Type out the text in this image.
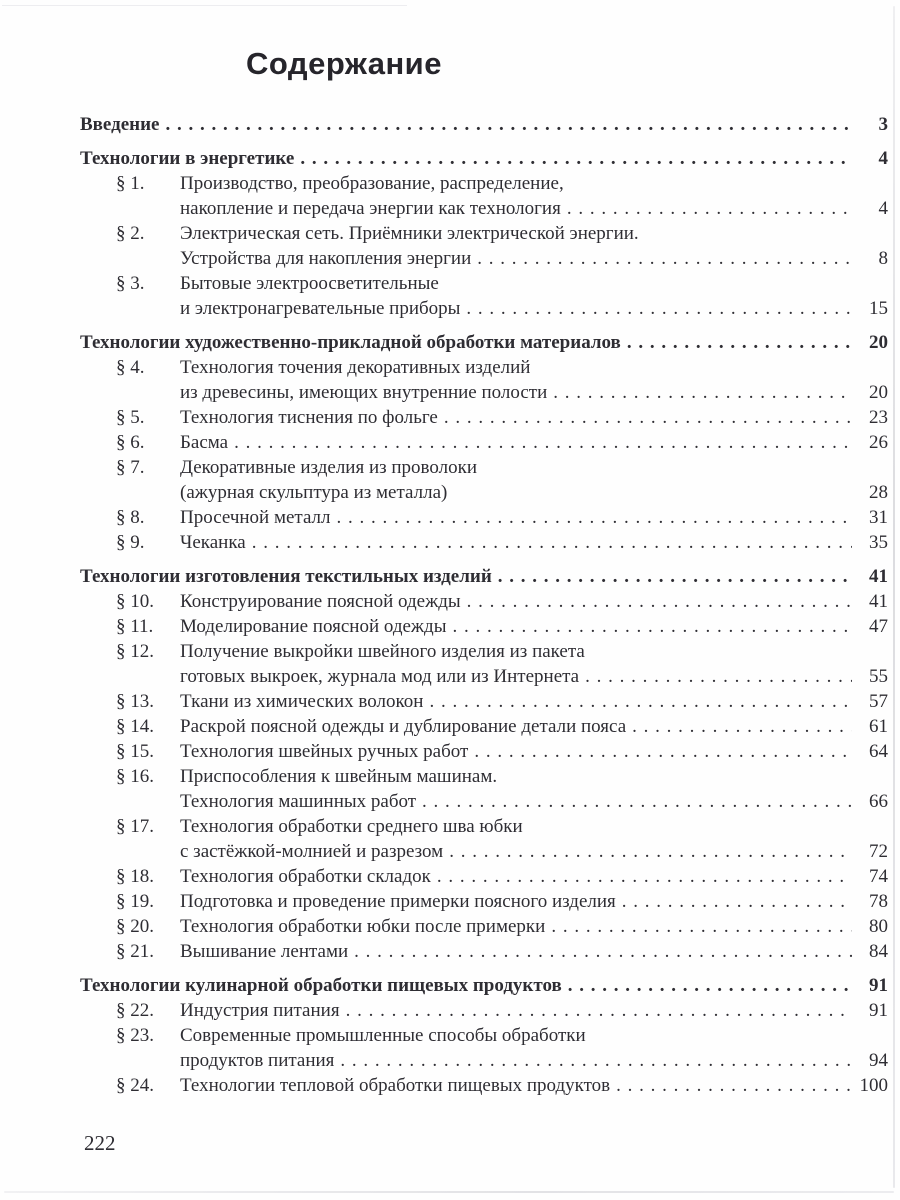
Содержание
Введение . . .	3
Технологии в энергетике . . .	4
§ 1.	Производство, преобразование, распределение,
накопление и передача энергии как технология . . .	4
§ 2.	Электрическая сеть. Приёмники электрической энергии.
Устройства для накопления энергии . . .	8
§ 3.	Бытовые электроосветительные
и электронагревательные приборы . . .	15
Технологии художественно-прикладной обработки материалов . . .	20
§ 4.	Технология точения декоративных изделий
из древесины, имеющих внутренние полости . . .	20
§ 5.	Технология тиснения по фольге . . .	23
§ 6.	Басма . . .	26
§ 7.	Декоративные изделия из проволоки
(ажурная скульптура из металла)	28
§ 8.	Просечной металл . . .	31
§ 9.	Чеканка . . .	35
Технологии изготовления текстильных изделий . . .	41
§ 10.	Конструирование поясной одежды . . .	41
§ 11.	Моделирование поясной одежды . . .	47
§ 12.	Получение выкройки швейного изделия из пакета
готовых выкроек, журнала мод или из Интернета . . .	55
§ 13.	Ткани из химических волокон . . .	57
§ 14.	Раскрой поясной одежды и дублирование детали пояса . . .	61
§ 15.	Технология швейных ручных работ . . .	64
§ 16.	Приспособления к швейным машинам.
Технология машинных работ . . .	66
§ 17.	Технология обработки среднего шва юбки
с застёжкой-молнией и разрезом . . .	72
§ 18.	Технология обработки складок . . .	74
§ 19.	Подготовка и проведение примерки поясного изделия . . .	78
§ 20.	Технология обработки юбки после примерки . . .	80
§ 21.	Вышивание лентами . . .	84
Технологии кулинарной обработки пищевых продуктов . . .	91
§ 22.	Индустрия питания . . .	91
§ 23.	Современные промышленные способы обработки
продуктов питания . . .	94
§ 24.	Технологии тепловой обработки пищевых продуктов . . .	100
222
